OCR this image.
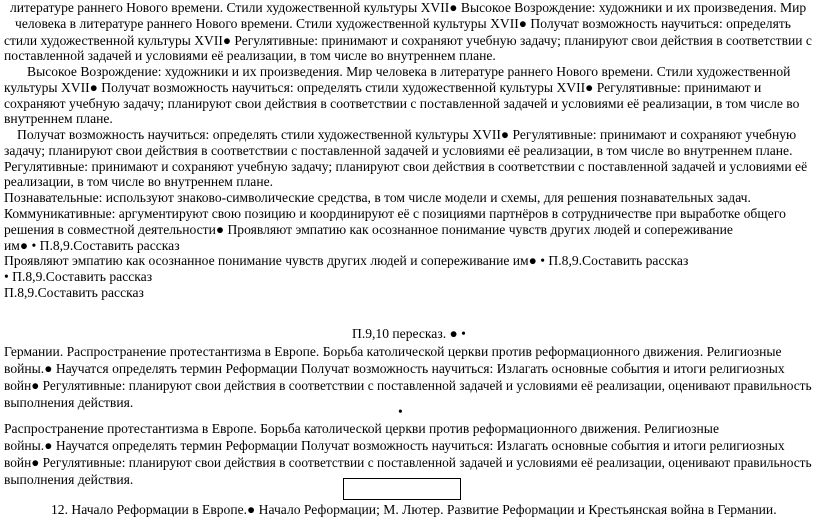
литературе раннего Нового времени. Стили художественной культуры XVII● Высокое Возрождение: художники и их произведения. Мир
человека в литературе раннего Нового времени. Стили художественной культуры XVII● Получат возможность научиться: определять
стили художественной культуры XVII● Регулятивные: принимают и сохраняют учебную задачу; планируют свои действия в соответствии с
поставленной задачей и условиями её реализации, в том числе во внутреннем плане.
Высокое Возрождение: художники и их произведения. Мир человека в литературе раннего Нового времени. Стили художественной
культуры XVII● Получат возможность научиться: определять стили художественной культуры XVII● Регулятивные: принимают и
сохраняют учебную задачу; планируют свои действия в соответствии с поставленной задачей и условиями её реализации, в том числе во
внутреннем плане.
Получат возможность научиться: определять стили художественной культуры XVII● Регулятивные: принимают и сохраняют учебную
задачу; планируют свои действия в соответствии с поставленной задачей и условиями её реализации, в том числе во внутреннем плане.
Регулятивные: принимают и сохраняют учебную задачу; планируют свои действия в соответствии с поставленной задачей и условиями её
реализации, в том числе во внутреннем плане.
Познавательные: используют знаково-символические средства, в том числе модели и схемы, для решения познавательных задач.
Коммуникативные: аргументируют свою позицию и координируют её с позициями партнёров в сотрудничестве при выработке общего
решения в совместной деятельности● Проявляют эмпатию как осознанное понимание чувств других людей и сопереживание
им● • П.8,9.Составить рассказ
Проявляют эмпатию как осознанное понимание чувств других людей и сопереживание им● • П.8,9.Составить рассказ
• П.8,9.Составить рассказ
П.8,9.Составить рассказ
П.9,10 пересказ. ● •
Германии. Распространение протестантизма в Европе. Борьба католической церкви против реформационного движения. Религиозные
войны.● Научатся определять термин Реформации Получат возможность научиться: Излагать основные события и итоги религиозных
войн● Регулятивные: планируют свои действия в соответствии с поставленной задачей и условиями её реализации, оценивают правильность
выполнения действия.
•
Распространение протестантизма в Европе. Борьба католической церкви против реформационного движения. Религиозные
войны.● Научатся определять термин Реформации Получат возможность научиться: Излагать основные события и итоги религиозных
войн● Регулятивные: планируют свои действия в соответствии с поставленной задачей и условиями её реализации, оценивают правильность
выполнения действия.
12. Начало Реформации в Европе.● Начало Реформации; М. Лютер. Развитие Реформации и Крестьянская война в Германии.
